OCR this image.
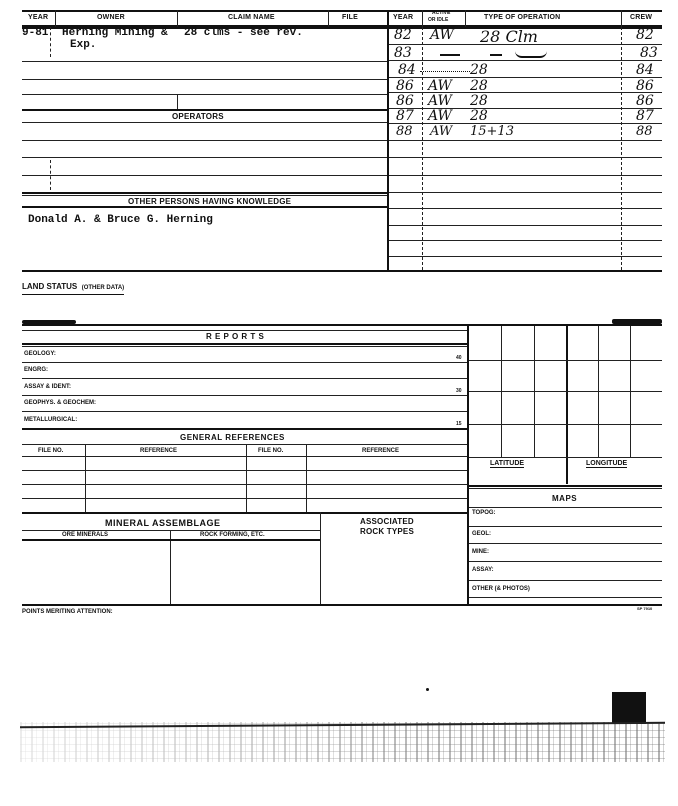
YEAR	OWNER	CLAIM NAME	FILE	YEAR
ACTIVE
OR IDLE	TYPE OF OPERATION	CREW
9-81 Herning Mining &
Exp.
28 clms - see rev.
OPERATORS
OTHER PERSONS HAVING KNOWLEDGE
Donald A. & Bruce G. Herning
82 AW 28 Clm	82
83	83
84	28	84
86 AW 28	86
86 AW 28	86
87 AW 28	87
88 AW 15+13	88
LAND STATUS (OTHER DATA)
R E P O R T S
GEOLOGY:
40
ENGRG:
ASSAY & IDENT:
30
GEOPHYS. & GEOCHEM:
METALLURGICAL:
15
GENERAL REFERENCES
FILE NO.	REFERENCE	FILE NO.	REFERENCE
LATITUDE	LONGITUDE
MAPS
TOPOG:
GEOL:
MINE:
ASSAY:
OTHER (& PHOTOS)
MINERAL ASSEMBLAGE
ORE MINERALS	ROCK FORMING, ETC.
ASSOCIATED
ROCK TYPES
POINTS MERITING ATTENTION:
SP 7910
